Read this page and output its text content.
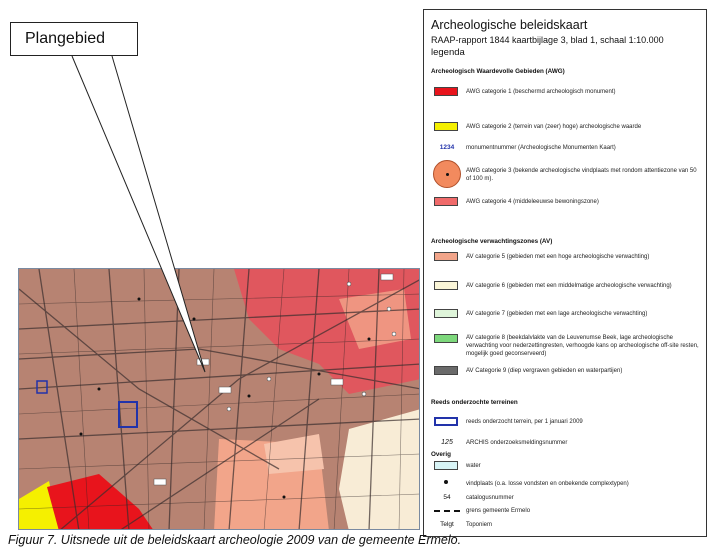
Plangebied
Archeologische beleidskaart
RAAP-rapport 1844 kaartbijlage 3, blad 1, schaal 1:10.000
legenda
Archeologisch Waardevolle Gebieden (AWG)
AWG categorie 1 (beschermd archeologisch monument)
AWG categorie 2 (terrein van (zeer) hoge) archeologische waarde
1234	monumentnummer (Archeologische Monumenten Kaart)
AWG categorie 3 (bekende archeologische vindplaats met rondom attentiezone van 50 of 100 m).
AWG categorie 4 (middeleeuwse bewoningszone)
Archeologische verwachtingszones (AV)
AV categorie 5 (gebieden met een hoge archeologische verwachting)
AV categorie 6 (gebieden met een middelmatige archeologische verwachting)
AV categorie 7 (gebieden met een lage archeologische verwachting)
AV categorie 8 (beekdalvlakte van de Leuvenumse Beek, lage archeologische verwachting voor nederzettingresten, verhoogde kans op archeologische off-site resten, mogelijk goed geconserveerd)
AV Categorie 9 (diep vergraven gebieden en waterpartijen)
Reeds onderzochte terreinen
reeds onderzocht terrein, per 1 januari 2009
125	ARCHIS onderzoeksmeldingsnummer
Overig
water
vindplaats (o.a. losse vondsten en onbekende complextypen)
54	catalogusnummer
grens gemeente Ermelo
Telgt	Toponiem
Figuur 7. Uitsnede uit de beleidskaart archeologie 2009 van de gemeente Ermelo.
